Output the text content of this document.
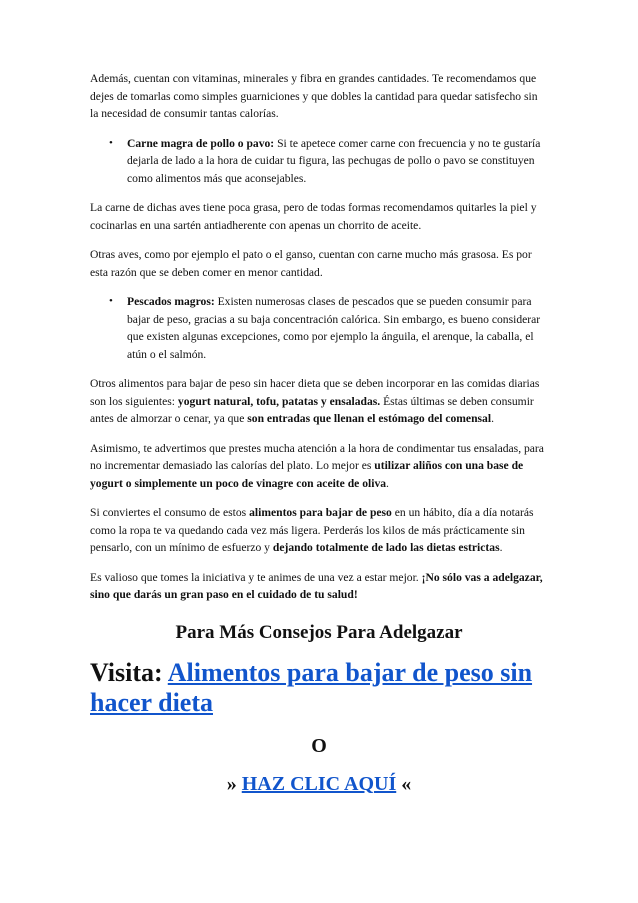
Además, cuentan con vitaminas, minerales y fibra en grandes cantidades. Te recomendamos que dejes de tomarlas como simples guarniciones y que dobles la cantidad para quedar satisfecho sin la necesidad de consumir tantas calorías.

• Carne magra de pollo o pavo: Si te apetece comer carne con frecuencia y no te gustaría dejarla de lado a la hora de cuidar tu figura, las pechugas de pollo o pavo se constituyen como alimentos más que aconsejables.

La carne de dichas aves tiene poca grasa, pero de todas formas recomendamos quitarles la piel y cocinarlas en una sartén antiadherente con apenas un chorrito de aceite.

Otras aves, como por ejemplo el pato o el ganso, cuentan con carne mucho más grasosa. Es por esta razón que se deben comer en menor cantidad.

• Pescados magros: Existen numerosas clases de pescados que se pueden consumir para bajar de peso, gracias a su baja concentración calórica. Sin embargo, es bueno considerar que existen algunas excepciones, como por ejemplo la ánguila, el arenque, la caballa, el atún o el salmón.

Otros alimentos para bajar de peso sin hacer dieta que se deben incorporar en las comidas diarias son los siguientes: yogurt natural, tofu, patatas y ensaladas. Éstas últimas se deben consumir antes de almorzar o cenar, ya que son entradas que llenan el estómago del comensal.

Asimismo, te advertimos que prestes mucha atención a la hora de condimentar tus ensaladas, para no incrementar demasiado las calorías del plato. Lo mejor es utilizar aliños con una base de yogurt o simplemente un poco de vinagre con aceite de oliva.

Si conviertes el consumo de estos alimentos para bajar de peso en un hábito, día a día notarás como la ropa te va quedando cada vez más ligera. Perderás los kilos de más prácticamente sin pensarlo, con un mínimo de esfuerzo y dejando totalmente de lado las dietas estrictas.

Es valioso que tomes la iniciativa y te animes de una vez a estar mejor. ¡No sólo vas a adelgazar, sino que darás un gran paso en el cuidado de tu salud!

Para Más Consejos Para Adelgazar
Visita: Alimentos para bajar de peso sin hacer dieta
O
» HAZ CLIC AQUÍ «
